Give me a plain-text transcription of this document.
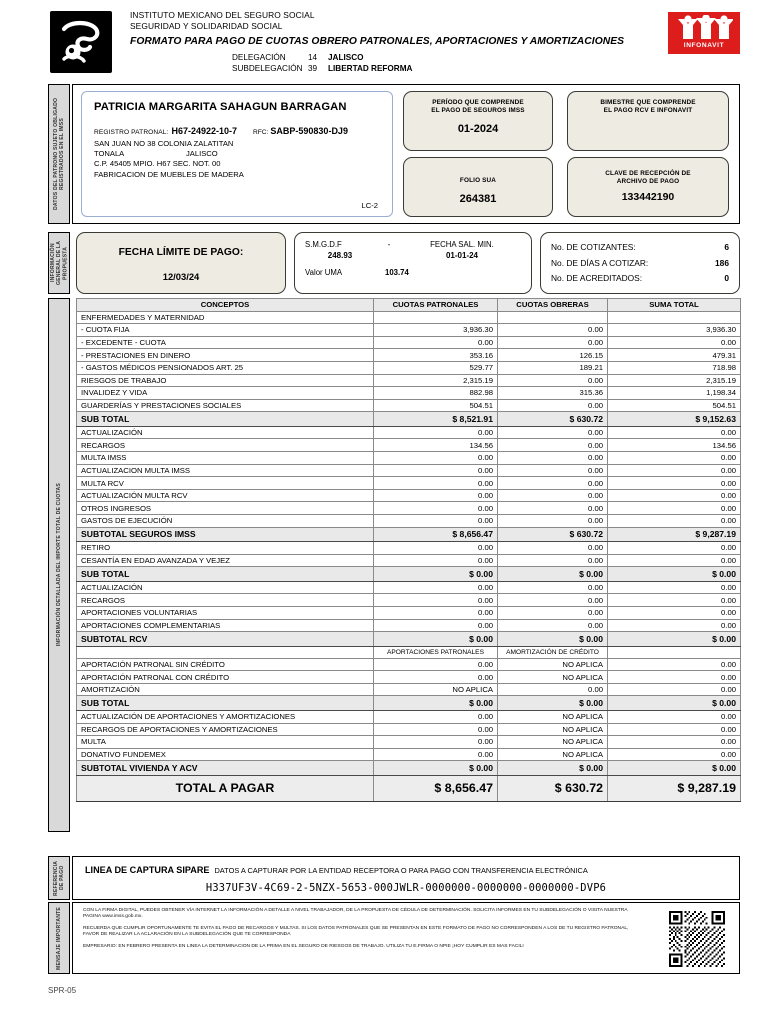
INSTITUTO MEXICANO DEL SEGURO SOCIAL
SEGURIDAD Y SOLIDARIDAD SOCIAL
FORMATO PARA PAGO DE CUOTAS OBRERO PATRONALES, APORTACIONES Y AMORTIZACIONES
DELEGACIÓN	14	JALISCO
SUBDELEGACIÓN 39	LIBERTAD REFORMA
INFONAVIT
DATOS DEL PATRONO SUJETO OBLIGADO REGISTRADOS EN EL IMSS
PATRICIA MARGARITA SAHAGUN BARRAGAN
REGISTRO PATRONAL: H67-24922-10-7 RFC: SABP-590830-DJ9
SAN JUAN NO 38 COLONIA ZALATITAN
TONALA	JALISCO
C.P. 45405 MPIO. H67 SEC. NOT. 00
FABRICACION DE MUEBLES DE MADERA
LC-2
PERÍODO QUE COMPRENDE
EL PAGO DE SEGUROS IMSS
01-2024
BIMESTRE QUE COMPRENDE
EL PAGO RCV E INFONAVIT
FOLIO SUA
264381
CLAVE DE RECEPCIÓN DE
ARCHIVO DE PAGO
133442190
INFORMACIÓN GENERAL DE LA PROPUESTA	FECHA LÍMITE DE PAGO:
12/03/24
S.M.G.D.F	-	FECHA SAL. MIN.
248.93	01-01-24
Valor UMA	103.74
No. DE COTIZANTES:	6
No. DE DÍAS A COTIZAR:	186
No. DE ACREDITADOS:	0
INFORMACIÓN DETALLADA DEL IMPORTE TOTAL DE CUOTAS
CONCEPTOS	CUOTAS PATRONALES	CUOTAS OBRERAS	SUMA TOTAL
ENFERMEDADES Y MATERNIDAD			
- CUOTA FIJA	3,936.30	0.00	3,936.30
- EXCEDENTE - CUOTA	0.00	0.00	0.00
- PRESTACIONES EN DINERO	353.16	126.15	479.31
- GASTOS MÉDICOS PENSIONADOS ART. 25	529.77	189.21	718.98
RIESGOS DE TRABAJO	2,315.19	0.00	2,315.19
INVALIDEZ Y VIDA	882.98	315.36	1,198.34
GUARDERÍAS Y PRESTACIONES SOCIALES	504.51	0.00	504.51
SUB TOTAL	$ 8,521.91	$ 630.72	$ 9,152.63
ACTUALIZACIÓN	0.00	0.00	0.00
RECARGOS	134.56	0.00	134.56
MULTA IMSS	0.00	0.00	0.00
ACTUALIZACION MULTA IMSS	0.00	0.00	0.00
MULTA RCV	0.00	0.00	0.00
ACTUALIZACIÓN MULTA RCV	0.00	0.00	0.00
OTROS INGRESOS	0.00	0.00	0.00
GASTOS DE EJECUCIÓN	0.00	0.00	0.00
SUBTOTAL SEGUROS IMSS	$ 8,656.47	$ 630.72	$ 9,287.19
RETIRO	0.00	0.00	0.00
CESANTÍA EN EDAD AVANZADA Y VEJEZ	0.00	0.00	0.00
SUB TOTAL	$ 0.00	$ 0.00	$ 0.00
ACTUALIZACIÓN	0.00	0.00	0.00
RECARGOS	0.00	0.00	0.00
APORTACIONES VOLUNTARIAS	0.00	0.00	0.00
APORTACIONES COMPLEMENTARIAS	0.00	0.00	0.00
SUBTOTAL RCV	$ 0.00	$ 0.00	$ 0.00
	APORTACIONES PATRONALES	AMORTIZACIÓN DE CRÉDITO	
APORTACIÓN PATRONAL SIN CRÉDITO	0.00	NO APLICA	0.00
APORTACIÓN PATRONAL CON CRÉDITO	0.00	NO APLICA	0.00
AMORTIZACIÓN	NO APLICA	0.00	0.00
SUB TOTAL	$ 0.00	$ 0.00	$ 0.00
ACTUALIZACIÓN DE APORTACIONES Y AMORTIZACIONES	0.00	NO APLICA	0.00
RECARGOS DE APORTACIONES Y AMORTIZACIONES	0.00	NO APLICA	0.00
MULTA	0.00	NO APLICA	0.00
DONATIVO FUNDEMEX	0.00	NO APLICA	0.00
SUBTOTAL VIVIENDA Y ACV	$ 0.00	$ 0.00	$ 0.00
TOTAL A PAGAR	$ 8,656.47	$ 630.72	$ 9,287.19
REFERENCIA DE PAGO	LINEA DE CAPTURA SIPARE DATOS A CAPTURAR POR LA ENTIDAD RECEPTORA O PARA PAGO CON TRANSFERENCIA ELECTRÓNICA
H337UF3V-4C69-2-5NZX-5653-000JWLR-0000000-0000000-0000000-DVP6
MENSAJE IMPORTANTE	CON LA FIRMA DIGITAL, PUEDES OBTENER VÍA INTERNET LA INFORMACIÓN A DETALLE A NIVEL TRABAJADOR, DE LA PROPUESTA DE CÉDULA DE DETERMINACIÓN. SOLICITA INFORMES EN TU SUBDELEGACIÓN O VISITA NUESTRA PAGINA www.imss.gob.mx.

RECUERDA QUE CUMPLIR OPORTUNAMENTE TE EVITA EL PAGO DE RECARGOS Y MULTAS. SI LOS DATOS PATRONALES QUE SE PRESENTAN EN ESTE FORMATO DE PAGO NO CORRESPONDEN A LOS DE TU REGISTRO PATRONAL, FAVOR DE REALIZAR LA ACLARACIÓN EN LA SUBDELEGACIÓN QUE TE CORRESPONDA

EMPRESARIO: EN FEBRERO PRESENTA EN LINEA LA DETERMINACION DE LA PRIMA EN EL SEGURO DE RIESGOS DE TRABAJO. UTILIZA TU E.FIRMA O NPIE ¡HOY CUMPLIR ES MAS FACIL!

SPR-05
